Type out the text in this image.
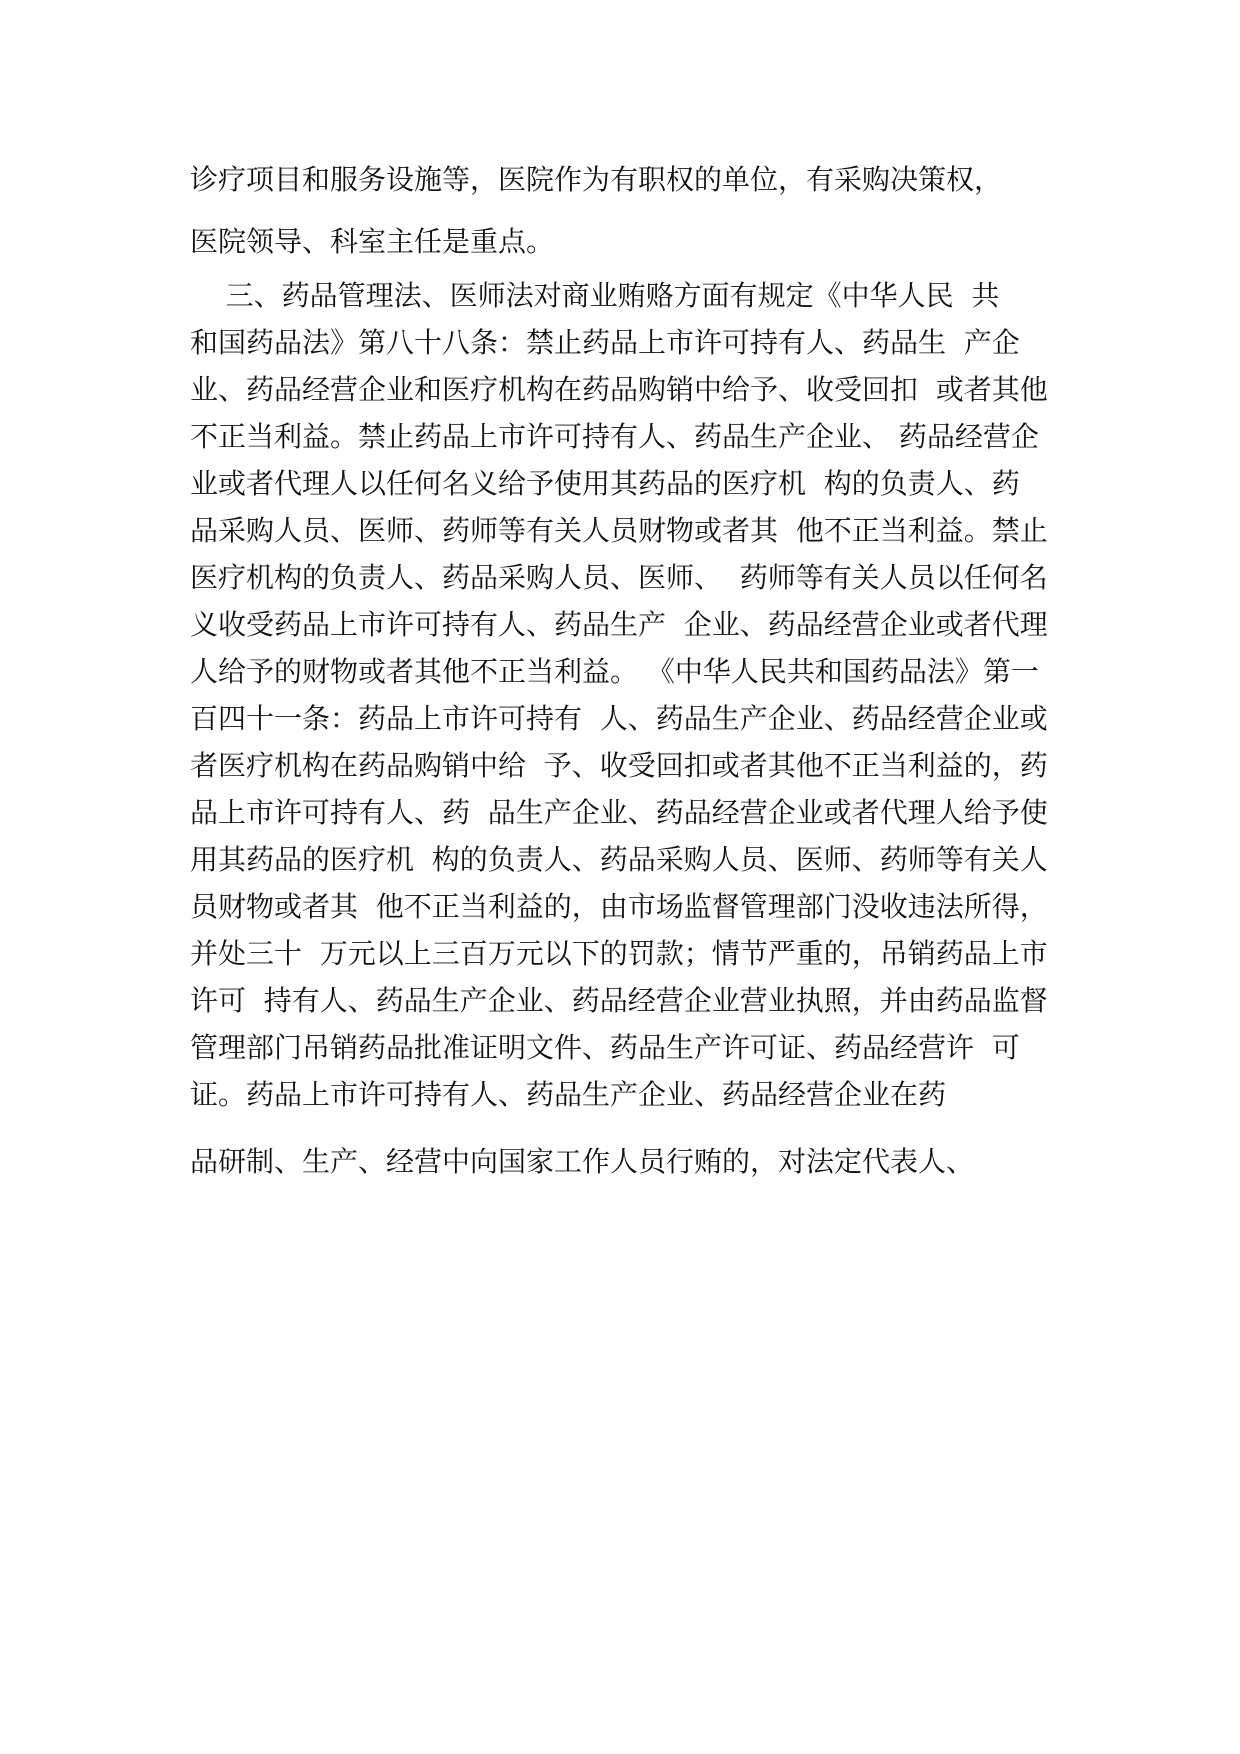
诊疗项目和服务设施等，医院作为有职权的单位，有采购决策权，
医院领导、科室主任是重点。
三、药品管理法、医师法对商业贿赂方面有规定《中华人民  共
和国药品法》第八十八条：禁止药品上市许可持有人、药品生  产企
业、药品经营企业和医疗机构在药品购销中给予、收受回扣  或者其他
不正当利益。禁止药品上市许可持有人、药品生产企业、 药品经营企
业或者代理人以任何名义给予使用其药品的医疗机  构的负责人、药
品采购人员、医师、药师等有关人员财物或者其  他不正当利益。禁止
医疗机构的负责人、药品采购人员、医师、  药师等有关人员以任何名
义收受药品上市许可持有人、药品生产  企业、药品经营企业或者代理
人给予的财物或者其他不正当利益。 《中华人民共和国药品法》第一
百四十一条：药品上市许可持有  人、药品生产企业、药品经营企业或
者医疗机构在药品购销中给  予、收受回扣或者其他不正当利益的，药
品上市许可持有人、药  品生产企业、药品经营企业或者代理人给予使
用其药品的医疗机  构的负责人、药品采购人员、医师、药师等有关人
员财物或者其  他不正当利益的，由市场监督管理部门没收违法所得，
并处三十  万元以上三百万元以下的罚款；情节严重的，吊销药品上市
许可  持有人、药品生产企业、药品经营企业营业执照，并由药品监督
管理部门吊销药品批准证明文件、药品生产许可证、药品经营许  可
证。药品上市许可持有人、药品生产企业、药品经营企业在药
品研制、生产、经营中向国家工作人员行贿的，对法定代表人、
